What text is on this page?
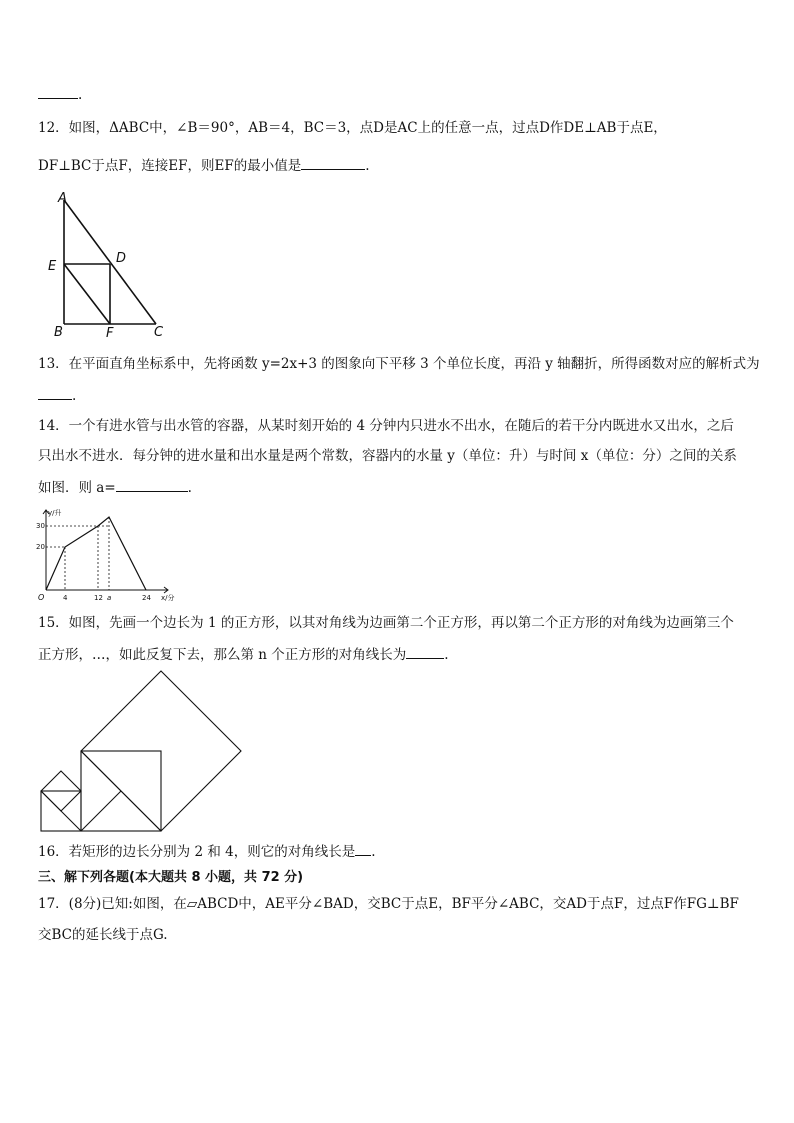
.
12．如图，ΔABC中，∠B＝90°，AB＝4，BC＝3，点D是AC上的任意一点，过点D作DE⊥AB于点E，
DF⊥BC于点F，连接EF，则EF的最小值是	.
A
B	C
D
E
F
13．在平面直角坐标系中，先将函数 y=2x+3 的图象向下平移 3 个单位长度，再沿 y 轴翻折，所得函数对应的解析式为
.
14．一个有进水管与出水管的容器，从某时刻开始的 4 分钟内只进水不出水，在随后的若干分内既进水又出水，之后
只出水不进水．每分钟的进水量和出水量是两个常数，容器内的水量 y（单位：升）与时间 x（单位：分）之间的关系
如图．则 a=	.
y/升
x/分
30
20
4	12 a	24
O
15．如图，先画一个边长为 1 的正方形，以其对角线为边画第二个正方形，再以第二个正方形的对角线为边画第三个
正方形，…，如此反复下去，那么第 n 个正方形的对角线长为	.
16．若矩形的边长分别为 2 和 4，则它的对角线长是 .
三、解下列各题(本大题共 8 小题，共 72 分)
17．(8分)已知:如图，在▱ABCD中，AE平分∠BAD，交BC于点E，BF平分∠ABC，交AD于点F，过点F作FG⊥BF
交BC的延长线于点G.
